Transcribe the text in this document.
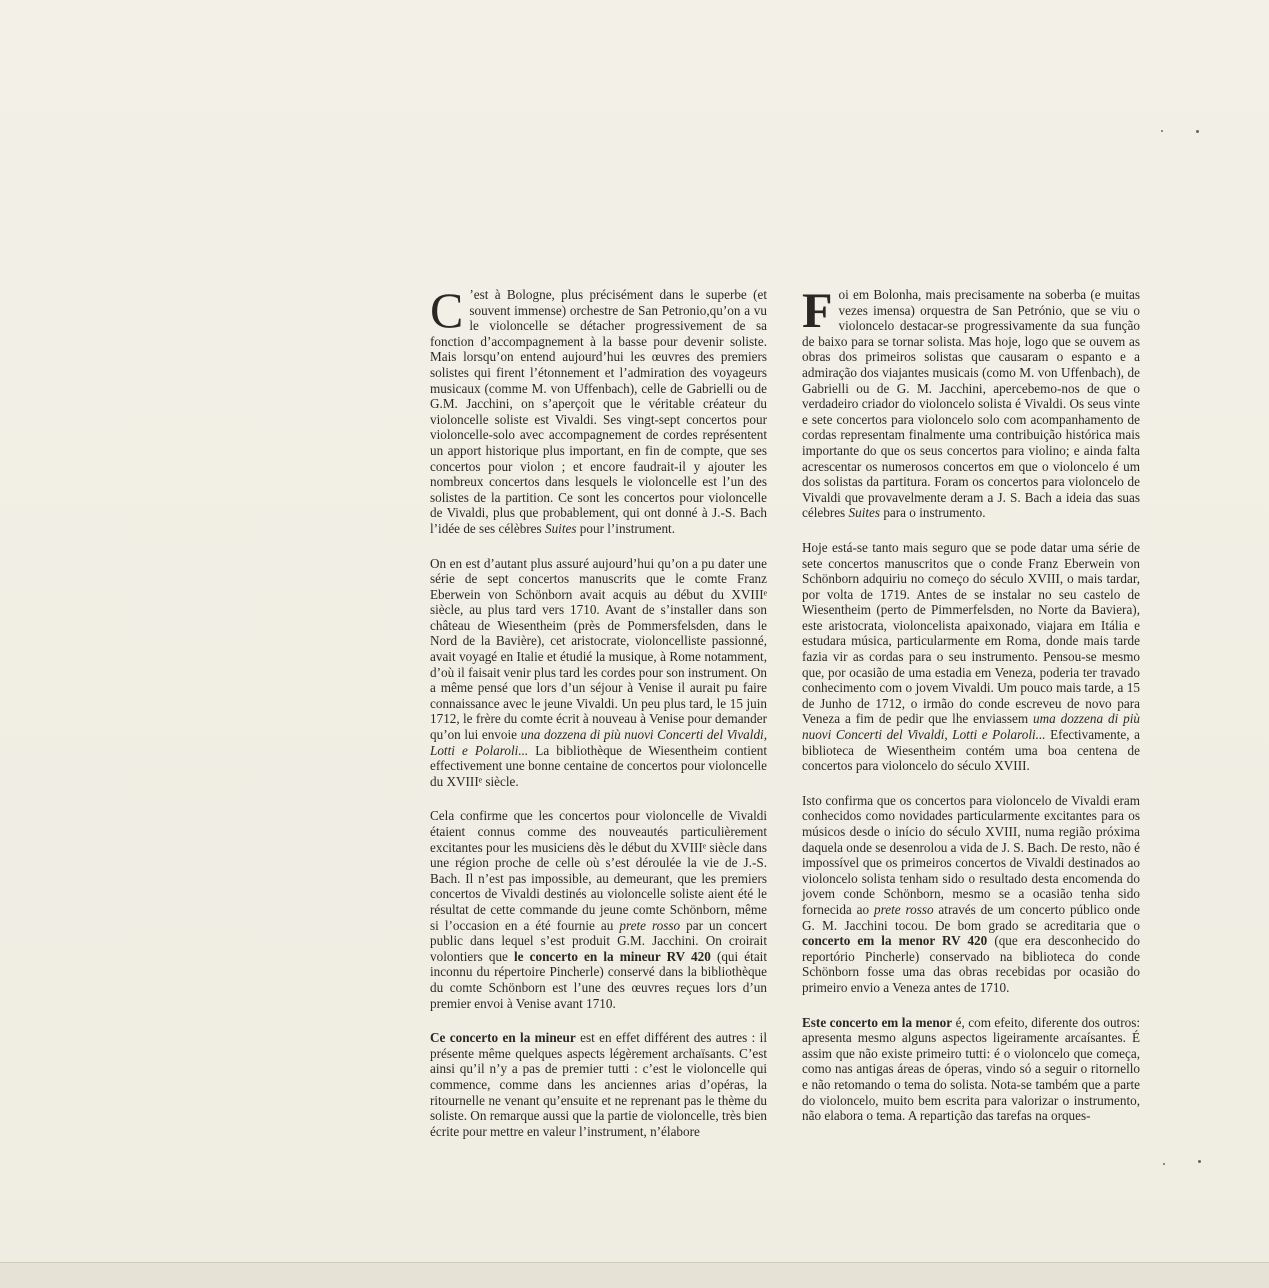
C ’est à Bologne, plus précisément dans le superbe (et souvent immense) orchestre de San Petronio,qu’on a vu le violoncelle se détacher progressivement de sa fonction d’accompagnement à la basse pour devenir soliste. Mais lorsqu’on entend aujourd’hui les œuvres des premiers solistes qui firent l’étonnement et l’admiration des voyageurs musicaux (comme M. von Uffenbach), celle de Gabrielli ou de G.M. Jacchini, on s’aperçoit que le véritable créateur du violoncelle soliste est Vivaldi. Ses vingt-sept concertos pour violoncelle-solo avec accompagnement de cordes représentent un apport historique plus important, en fin de compte, que ses concertos pour violon ; et encore faudrait-il y ajouter les nombreux concertos dans lesquels le violoncelle est l’un des solistes de la partition. Ce sont les concertos pour violoncelle de Vivaldi, plus que probablement, qui ont donné à J.-S. Bach l’idée de ses célèbres Suites pour l’instrument.

On en est d’autant plus assuré aujourd’hui qu’on a pu dater une série de sept concertos manuscrits que le comte Franz Eberwein von Schönborn avait acquis au début du XVIIIᵉ siècle, au plus tard vers 1710. Avant de s’installer dans son château de Wiesentheim (près de Pommersfelsden, dans le Nord de la Bavière), cet aristocrate, violoncelliste passionné, avait voyagé en Italie et étudié la musique, à Rome notamment, d’où il faisait venir plus tard les cordes pour son instrument. On a même pensé que lors d’un séjour à Venise il aurait pu faire connaissance avec le jeune Vivaldi. Un peu plus tard, le 15 juin 1712, le frère du comte écrit à nouveau à Venise pour demander qu’on lui envoie una dozzena di più nuovi Concerti del Vivaldi, Lotti e Polaroli... La bibliothèque de Wiesentheim contient effectivement une bonne centaine de concertos pour violoncelle du XVIIIᵉ siècle.

Cela confirme que les concertos pour violoncelle de Vivaldi étaient connus comme des nouveautés particulièrement excitantes pour les musiciens dès le début du XVIIIᵉ siècle dans une région proche de celle où s’est déroulée la vie de J.-S. Bach. Il n’est pas impossible, au demeurant, que les premiers concertos de Vivaldi destinés au violoncelle soliste aient été le résultat de cette commande du jeune comte Schönborn, même si l’occasion en a été fournie au prete rosso par un concert public dans lequel s’est produit G.M. Jacchini. On croirait volontiers que le concerto en la mineur RV 420 (qui était inconnu du répertoire Pincherle) conservé dans la bibliothèque du comte Schönborn est l’une des œuvres reçues lors d’un premier envoi à Venise avant 1710.

Ce concerto en la mineur est en effet différent des autres : il présente même quelques aspects légèrement archaïsants. C’est ainsi qu’il n’y a pas de premier tutti : c’est le violoncelle qui commence, comme dans les anciennes arias d’opéras, la ritournelle ne venant qu’ensuite et ne reprenant pas le thème du soliste. On remarque aussi que la partie de violoncelle, très bien écrite pour mettre en valeur l’instrument, n’élabore

Foi em Bolonha, mais precisamente na soberba (e muitas vezes imensa) orquestra de San Petrónio, que se viu o violoncelo destacar-se progressivamente da sua função de baixo para se tornar solista. Mas hoje, logo que se ouvem as obras dos primeiros solistas que causaram o espanto e a admiração dos viajantes musicais (como M. von Uffenbach), de Gabrielli ou de G. M. Jacchini, apercebemo-nos de que o verdadeiro criador do violoncelo solista é Vivaldi. Os seus vinte e sete concertos para violoncelo solo com acompanhamento de cordas representam finalmente uma contribuição histórica mais importante do que os seus concertos para violino; e ainda falta acrescentar os numerosos concertos em que o violoncelo é um dos solistas da partitura. Foram os concertos para violoncelo de Vivaldi que provavelmente deram a J. S. Bach a ideia das suas célebres Suites para o instrumento.

Hoje está-se tanto mais seguro que se pode datar uma série de sete concertos manuscritos que o conde Franz Eberwein von Schönborn adquiriu no começo do século XVIII, o mais tardar, por volta de 1719. Antes de se instalar no seu castelo de Wiesentheim (perto de Pimmerfelsden, no Norte da Baviera), este aristocrata, violoncelista apaixonado, viajara em Itália e estudara música, particularmente em Roma, donde mais tarde fazia vir as cordas para o seu instrumento. Pensou-se mesmo que, por ocasião de uma estadia em Veneza, poderia ter travado conhecimento com o jovem Vivaldi. Um pouco mais tarde, a 15 de Junho de 1712, o irmão do conde escreveu de novo para Veneza a fim de pedir que lhe enviassem uma dozzena di più nuovi Concerti del Vivaldi, Lotti e Polaroli... Efectivamente, a biblioteca de Wiesentheim contém uma boa centena de concertos para violoncelo do século XVIII.

Isto confirma que os concertos para violoncelo de Vivaldi eram conhecidos como novidades particularmente excitantes para os músicos desde o início do século XVIII, numa região próxima daquela onde se desenrolou a vida de J. S. Bach. De resto, não é impossível que os primeiros concertos de Vivaldi destinados ao violoncelo solista tenham sido o resultado desta encomenda do jovem conde Schönborn, mesmo se a ocasião tenha sido fornecida ao prete rosso através de um concerto público onde G. M. Jacchini tocou. De bom grado se acreditaria que o concerto em la menor RV 420 (que era desconhecido do reportório Pincherle) conservado na biblioteca do conde Schönborn fosse uma das obras recebidas por ocasião do primeiro envio a Veneza antes de 1710.

Este concerto em la menor é, com efeito, diferente dos outros: apresenta mesmo alguns aspectos ligeiramente arcaísantes. É assim que não existe primeiro tutti: é o violoncelo que começa, como nas antigas áreas de óperas, vindo só a seguir o ritornello e não retomando o tema do solista. Nota-se também que a parte do violoncelo, muito bem escrita para valorizar o instrumento, não elabora o tema. A repartição das tarefas na orques-
